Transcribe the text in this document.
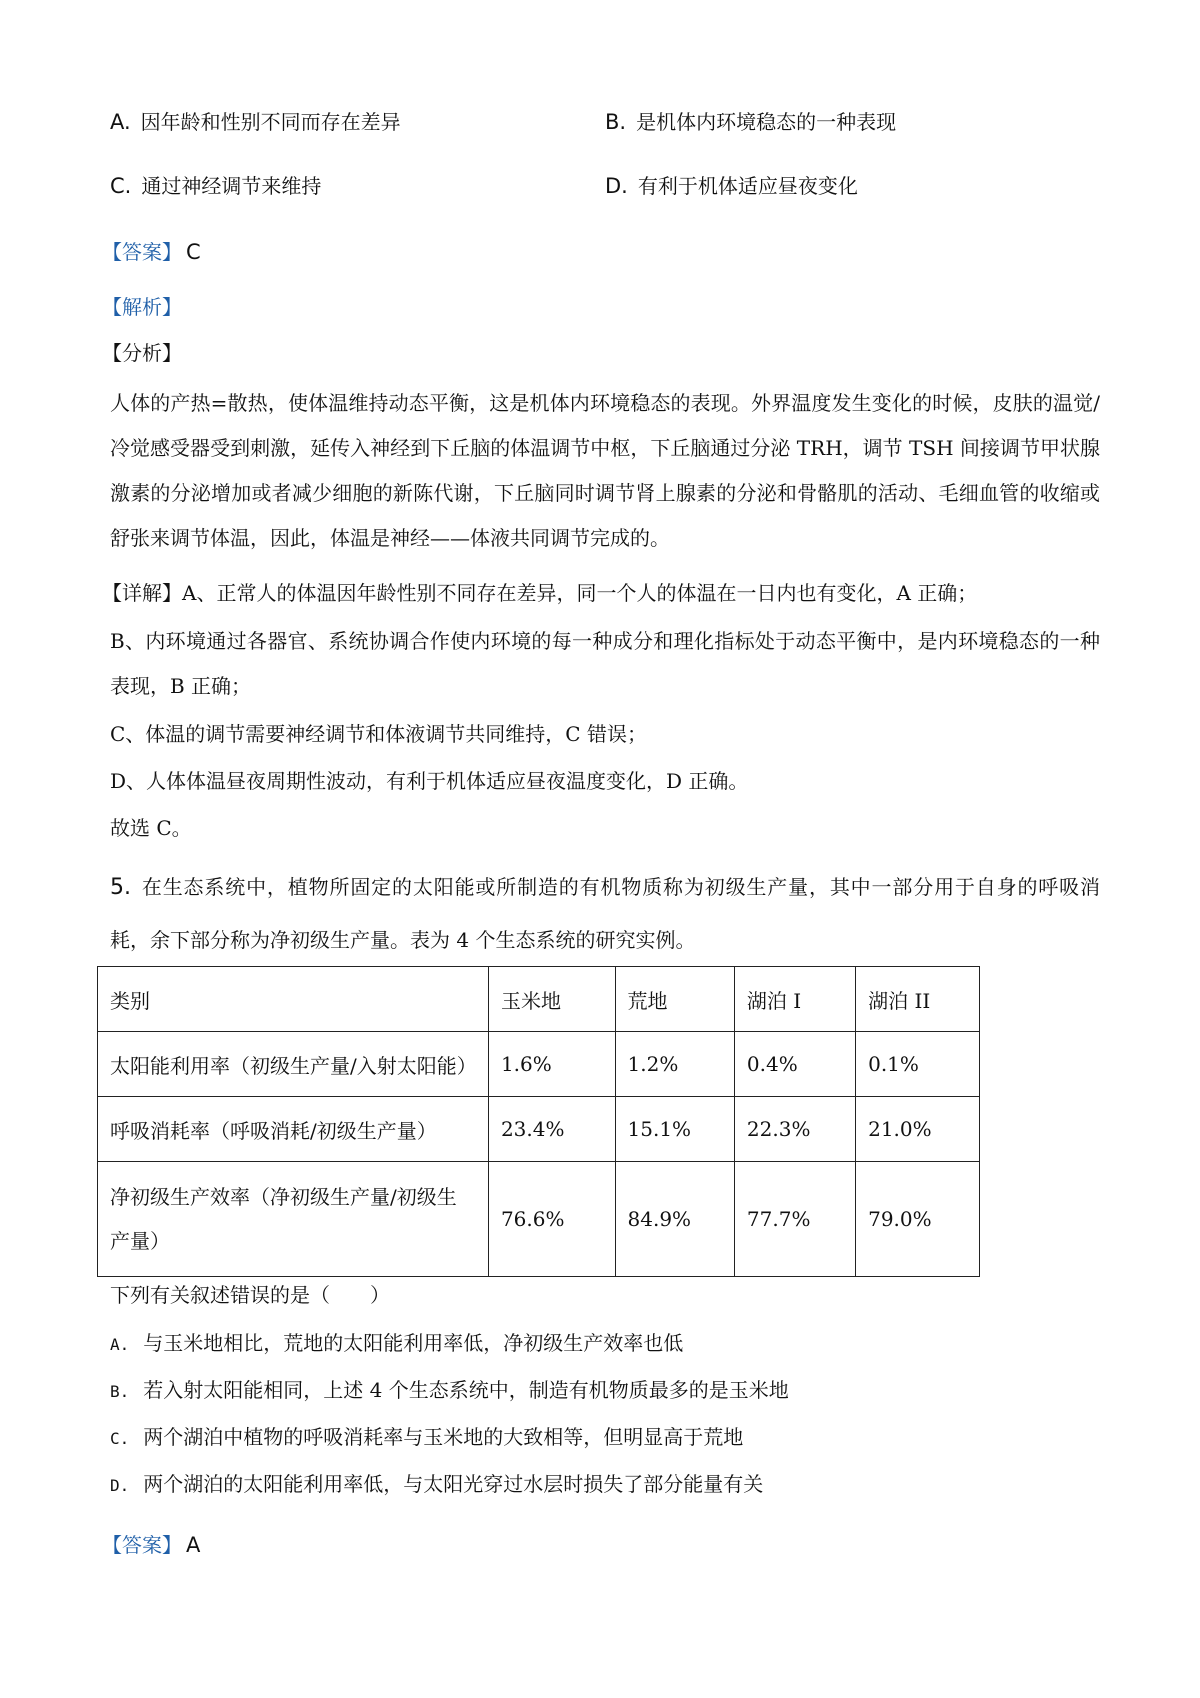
A. 因年龄和性别不同而存在差异	B. 是机体内环境稳态的一种表现
C. 通过神经调节来维持	D. 有利于机体适应昼夜变化
【答案】 C
【解析】
【分析】
人体的产热=散热，使体温维持动态平衡，这是机体内环境稳态的表现。外界温度发生变化的时候，皮肤的温觉/冷觉感受器受到刺激，延传入神经到下丘脑的体温调节中枢，下丘脑通过分泌 TRH，调节 TSH 间接调节甲状腺激素的分泌增加或者减少细胞的新陈代谢，下丘脑同时调节肾上腺素的分泌和骨骼肌的活动、毛细血管的收缩或舒张来调节体温，因此，体温是神经——体液共同调节完成的。
【详解】A、正常人的体温因年龄性别不同存在差异，同一个人的体温在一日内也有变化，A 正确；
B、内环境通过各器官、系统协调合作使内环境的每一种成分和理化指标处于动态平衡中，是内环境稳态的一种表现，B 正确；
C、体温的调节需要神经调节和体液调节共同维持，C 错误；
D、人体体温昼夜周期性波动，有利于机体适应昼夜温度变化，D 正确。
故选 C。
5. 在生态系统中，植物所固定的太阳能或所制造的有机物质称为初级生产量，其中一部分用于自身的呼吸消耗，余下部分称为净初级生产量。表为 4 个生态系统的研究实例。
类别	玉米地	荒地	湖泊 I	湖泊 II
太阳能利用率（初级生产量/入射太阳能）	1.6%	1.2%	0.4%	0.1%
呼吸消耗率（呼吸消耗/初级生产量）	23.4%	15.1%	22.3%	21.0%
净初级生产效率（净初级生产量/初级生产量）	76.6%	84.9%	77.7%	79.0%
下列有关叙述错误的是（　　）
A. 与玉米地相比，荒地的太阳能利用率低，净初级生产效率也低
B. 若入射太阳能相同，上述 4 个生态系统中，制造有机物质最多的是玉米地
C. 两个湖泊中植物的呼吸消耗率与玉米地的大致相等，但明显高于荒地
D. 两个湖泊的太阳能利用率低，与太阳光穿过水层时损失了部分能量有关
【答案】 A
